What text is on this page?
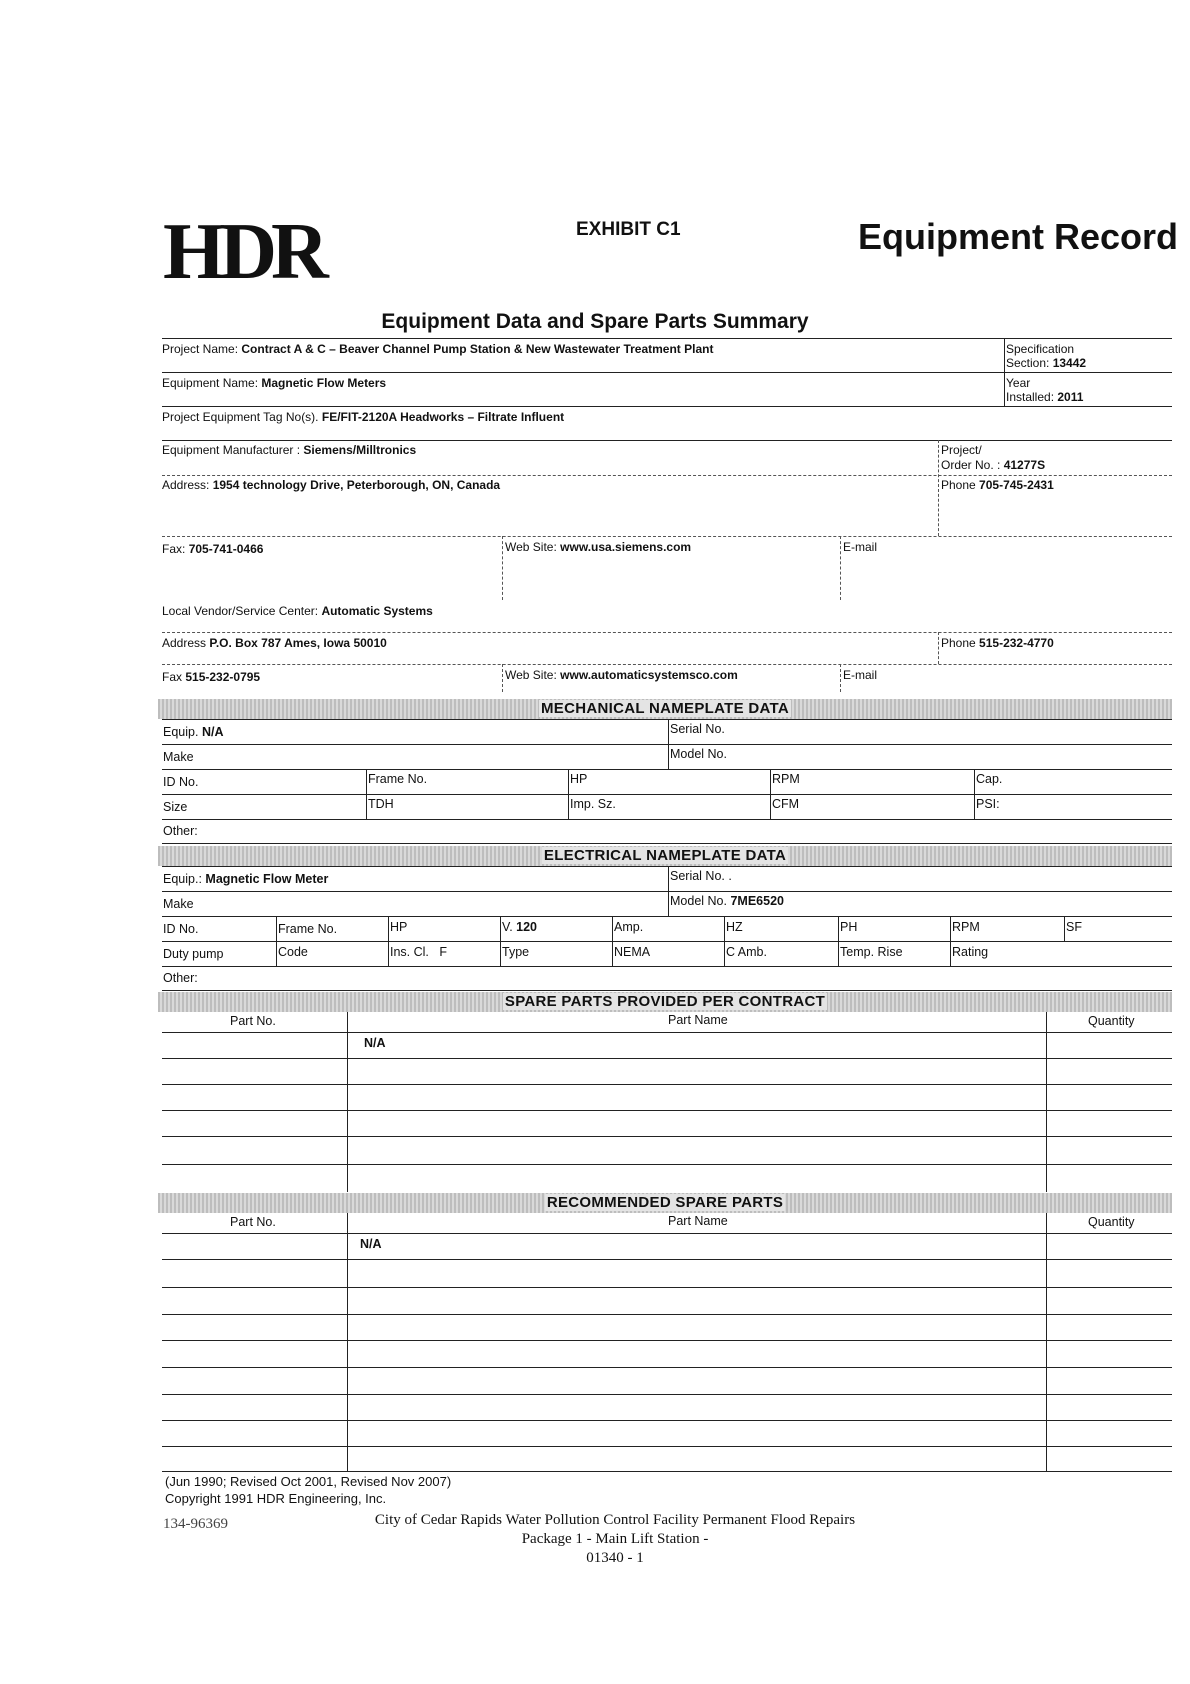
HDR	EXHIBIT C1	Equipment Record
Equipment Data and Spare Parts Summary
Project Name: Contract A & C – Beaver Channel Pump Station & New Wastewater Treatment Plant	Specification
Section: 13442
Equipment Name: Magnetic Flow Meters	Year
Installed: 2011
Project Equipment Tag No(s). FE/FIT-2120A Headworks – Filtrate Influent
Equipment Manufacturer : Siemens/Milltronics	Project/
Order No. : 41277S
Address: 1954 technology Drive, Peterborough, ON, Canada	Phone 705-745-2431
Fax: 705-741-0466	Web Site: www.usa.siemens.com	E-mail
Local Vendor/Service Center: Automatic Systems
Address P.O. Box 787 Ames, Iowa 50010	Phone 515-232-4770
Fax 515-232-0795	Web Site: www.automaticsystemsco.com	E-mail
MECHANICAL NAMEPLATE DATA
Equip. N/A	Serial No.
Make	Model No.
ID No.	Frame No.	HP	RPM	Cap.
Size	TDH	Imp. Sz.	CFM	PSI:
Other:
ELECTRICAL NAMEPLATE DATA
Equip.: Magnetic Flow Meter	Serial No. .
Make	Model No. 7ME6520
ID No.	Frame No.	HP	V. 120	Amp.	HZ	PH	RPM	SF
Duty pump	Code	Ins. Cl. F	Type	NEMA	C Amb.	Temp. Rise	Rating
Other:
SPARE PARTS PROVIDED PER CONTRACT
Part No.	Part Name	Quantity
N/A
RECOMMENDED SPARE PARTS
Part No.	Part Name	Quantity
N/A
(Jun 1990; Revised Oct 2001, Revised Nov 2007)
Copyright 1991 HDR Engineering, Inc.
134-96369	City of Cedar Rapids Water Pollution Control Facility Permanent Flood Repairs
Package 1 - Main Lift Station -
01340 - 1
